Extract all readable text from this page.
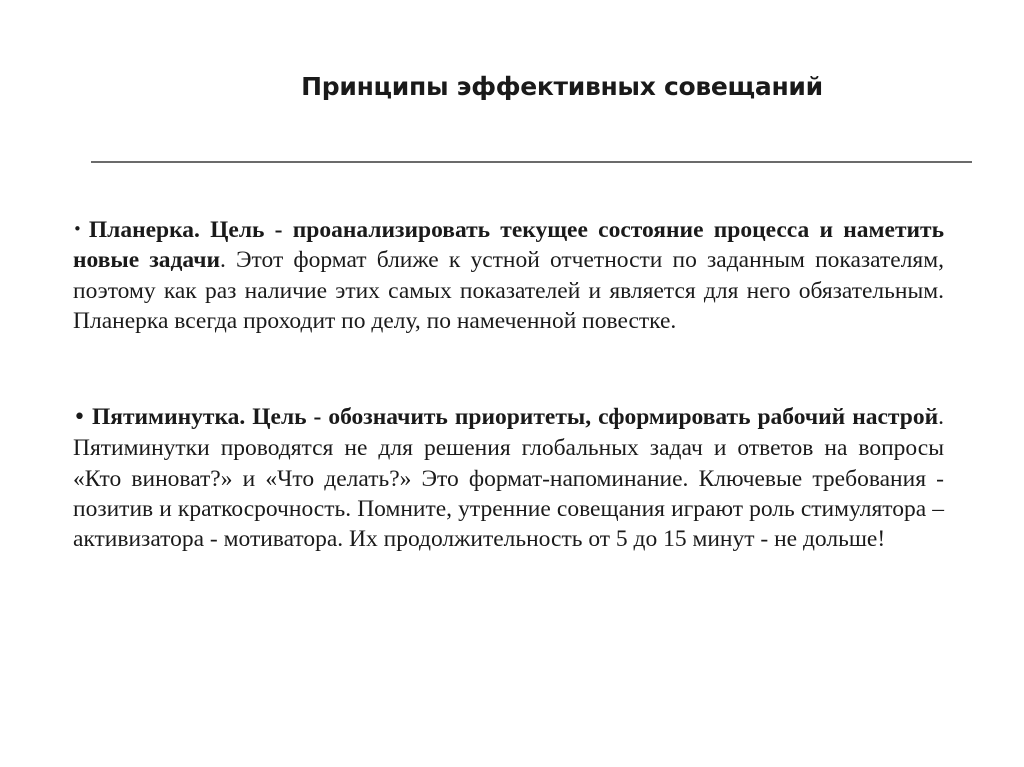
Принципы эффективных совещаний

• Планерка. Цель - проанализировать текущее состояние процесса и наметить новые задачи. Этот формат ближе к устной отчетности по заданным показателям, поэтому как раз наличие этих самых показателей и является для него обязательным. Планерка всегда проходит по делу, по намеченной повестке.

• Пятиминутка. Цель - обозначить приоритеты, сформировать рабочий настрой. Пятиминутки проводятся не для решения глобальных задач и ответов на вопросы «Кто виноват?» и «Что делать?» Это формат-напоминание. Ключевые требования - позитив и краткосрочность. Помните, утренние совещания играют роль стимулятора – активизатора - мотиватора. Их продолжительность от 5 до 15 минут - не дольше!
